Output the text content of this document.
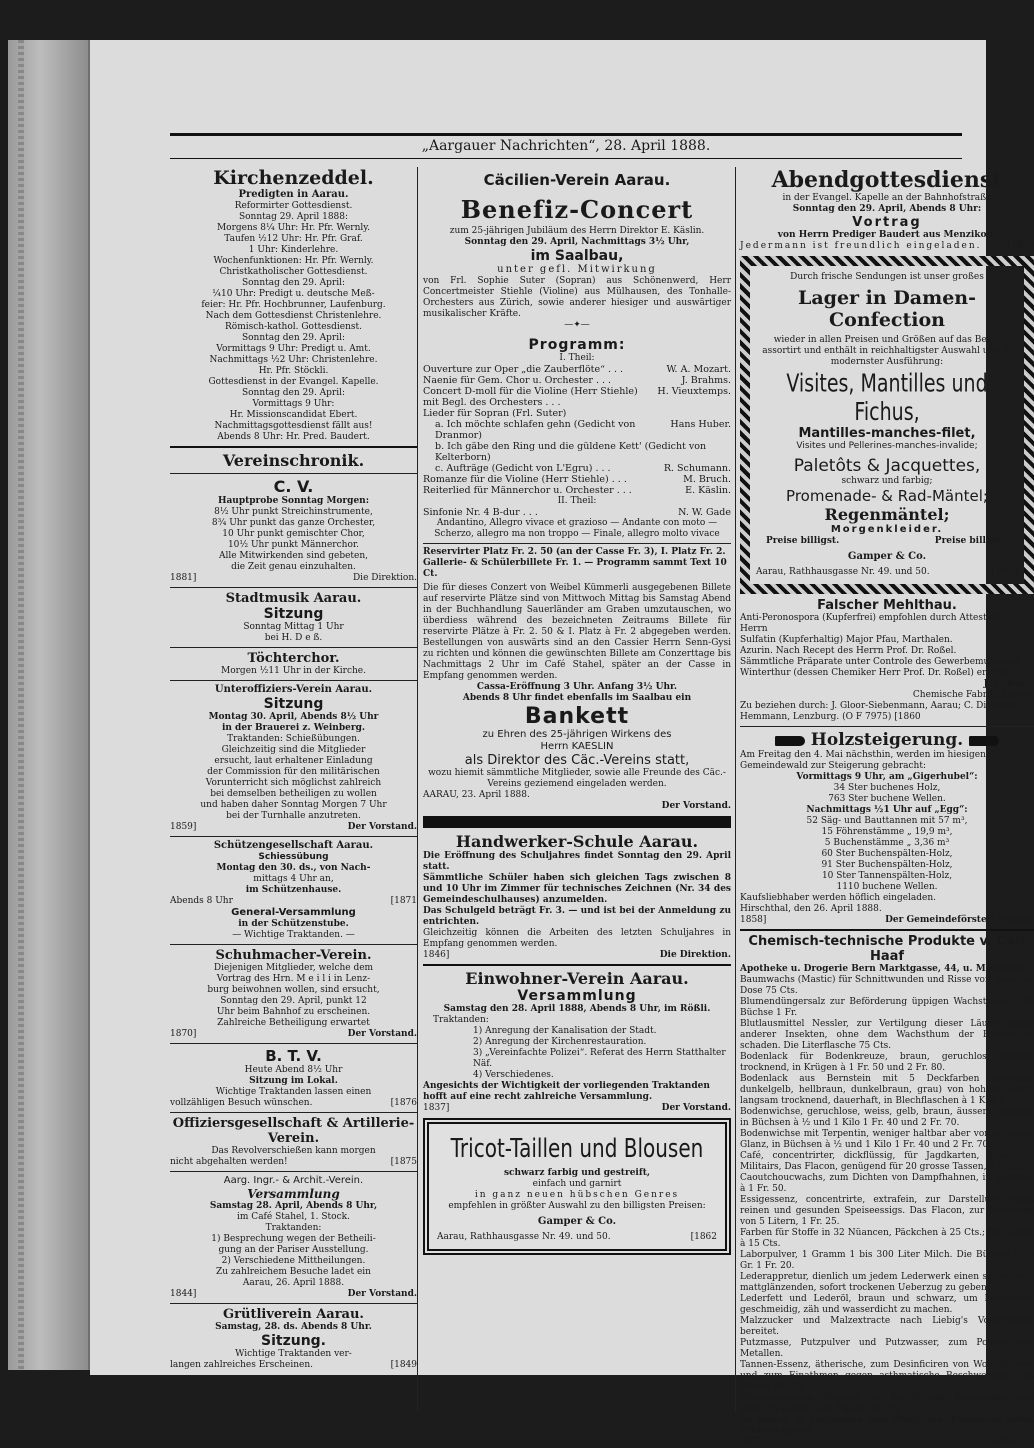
„Aargauer Nachrichten“, 28. April 1888.
Kirchenzeddel.
Predigten in Aarau.
Reformirter Gottesdienst.
Sonntag 29. April 1888:
Morgens 8¼ Uhr: Hr. Pfr. Wernly.
Taufen ½12 Uhr: Hr. Pfr. Graf.
1 Uhr: Kinderlehre.
Wochenfunktionen: Hr. Pfr. Wernly.
Christkatholischer Gottesdienst.
Sonntag den 29. April:
¼10 Uhr: Predigt u. deutsche Meß-
feier: Hr. Pfr. Hochbrunner, Laufenburg.
Nach dem Gottesdienst Christenlehre.
Römisch-kathol. Gottesdienst.
Sonntag den 29. April:
Vormittags 9 Uhr: Predigt u. Amt.
Nachmittags ½2 Uhr: Christenlehre.
Hr. Pfr. Stöckli.
Gottesdienst in der Evangel. Kapelle.
Sonntag den 29. April:
Vormittags 9 Uhr:
Hr. Missionscandidat Ebert.
Nachmittagsgottesdienst fällt aus!
Abends 8 Uhr: Hr. Pred. Baudert.
Vereinschronik.
C. V.
Hauptprobe Sonntag Morgen:
8½ Uhr punkt Streichinstrumente,
8¾ Uhr punkt das ganze Orchester,
10 Uhr punkt gemischter Chor,
10½ Uhr punkt Männerchor.
Alle Mitwirkenden sind gebeten,
die Zeit genau einzuhalten.
1881]	Die Direktion.
Stadtmusik Aarau.
Sitzung
Sonntag Mittag 1 Uhr
bei H. D e ß.
Töchterchor.
Morgen ½11 Uhr in der Kirche.
Unteroffiziers-Verein Aarau.
Sitzung
Montag 30. April, Abends 8½ Uhr
in der Brauerei z. Weinberg.
Traktanden: Schießübungen.
Gleichzeitig sind die Mitglieder
ersucht, laut erhaltener Einladung
der Commission für den militärischen
Vorunterricht sich möglichst zahlreich
bei demselben betheiligen zu wollen
und haben daher Sonntag Morgen 7 Uhr
bei der Turnhalle anzutreten.
1859]	Der Vorstand.
Schützengesellschaft Aarau.
Schiessübung
Montag den 30. ds., von Nach-
mittags 4 Uhr an,
im Schützenhause.
Abends 8 Uhr	[1871
General-Versammlung
in der Schützenstube.
— Wichtige Traktanden. —
Schuhmacher-Verein.
Diejenigen Mitglieder, welche dem
Vortrag des Hrn. M e i l i in Lenz-
burg beiwohnen wollen, sind ersucht,
Sonntag den 29. April, punkt 12
Uhr beim Bahnhof zu erscheinen.
Zahlreiche Betheiligung erwartet
1870]	Der Vorstand.
B. T. V.
Heute Abend 8½ Uhr
Sitzung im Lokal.
Wichtige Traktanden lassen einen
vollzähligen Besuch wünschen.	[1876
Offiziersgesellschaft & Artillerie-Verein.
Das Revolverschießen kann morgen
nicht abgehalten werden!	[1875
Aarg. Ingr.- & Archit.-Verein.
Versammlung
Samstag 28. April, Abends 8 Uhr,
im Café Stahel, 1. Stock.
Traktanden:
1) Besprechung wegen der Betheili-
gung an der Pariser Ausstellung.
2) Verschiedene Mittheilungen.
Zu zahlreichem Besuche ladet ein
Aarau, 26. April 1888.
1844]	Der Vorstand.
Grütliverein Aarau.
Samstag, 28. ds. Abends 8 Uhr.
Sitzung.
Wichtige Traktanden ver-
langen zahlreiches Erscheinen.	[1849
Cäcilien-Verein Aarau.
Benefiz-Concert
zum 25-jährigen Jubiläum des Herrn Direktor E. Käslin.
Sonntag den 29. April, Nachmittags 3½ Uhr,
im Saalbau,
unter gefl. Mitwirkung
von Frl. Sophie Suter (Sopran) aus Schönenwerd, Herr Concertmeister Stiehle (Violine) aus Mülhausen, des Tonhalle-Orchesters aus Zürich, sowie anderer hiesiger und auswärtiger musikalischer Kräfte.
—✦—
Programm:
I. Theil:
Ouverture zur Oper „die Zauberflöte“ . . .	W. A. Mozart.
Naenie für Gem. Chor u. Orchester . . .	J. Brahms.
Concert D-moll für die Violine (Herr Stiehle) mit Begl. des Orchesters . . .
H. Vieuxtemps.
Lieder für Sopran (Frl. Suter)
a. Ich möchte schlafen gehn (Gedicht von Dranmor)
Hans Huber.
b. Ich gäbe den Ring und die güldene Kett' (Gedicht von Kelterborn)
c. Aufträge (Gedicht von L'Egru) . . .	R. Schumann.
Romanze für die Violine (Herr Stiehle) . . .	M. Bruch.
Reiterlied für Männerchor u. Orchester . . .	E. Käslin.
II. Theil:
Sinfonie Nr. 4 B-dur . . .	N. W. Gade
Andantino, Allegro vivace et grazioso — Andante con moto — Scherzo, allegro ma non troppo — Finale, allegro molto vivace
Reservirter Platz Fr. 2. 50 (an der Casse Fr. 3), I. Platz Fr. 2. Gallerie- & Schülerbillete Fr. 1. — Programm sammt Text 10 Ct.
Die für dieses Conzert von Weibel Kümmerli ausgegebenen Billete auf reservirte Plätze sind von Mittwoch Mittag bis Samstag Abend in der Buchhandlung Sauerländer am Graben umzutauschen, wo überdiess während des bezeichneten Zeitraums Billete für reservirte Plätze à Fr. 2. 50 & I. Platz à Fr. 2 abgegeben werden. Bestellungen von auswärts sind an den Cassier Herrn Senn-Gysi zu richten und können die gewünschten Billete am Conzerttage bis Nachmittags 2 Uhr im Café Stahel, später an der Casse in Empfang genommen werden.
Cassa-Eröffnung 3 Uhr. Anfang 3½ Uhr.
Abends 8 Uhr findet ebenfalls im Saalbau ein
Bankett
zu Ehren des 25-jährigen Wirkens des
Herrn KAESLIN
als Direktor des Cäc.-Vereins statt,
wozu hiemit sämmtliche Mitglieder, sowie alle Freunde des Cäc.-Vereins geziemend eingeladen werden.
AARAU, 23. April 1888.
Der Vorstand.
Handwerker-Schule Aarau.
Die Eröffnung des Schuljahres findet Sonntag den 29. April statt.
Sämmtliche Schüler haben sich gleichen Tags zwischen 8 und 10 Uhr im Zimmer für technisches Zeichnen (Nr. 34 des Gemeindeschulhauses) anzumelden.
Das Schulgeld beträgt Fr. 3. — und ist bei der Anmeldung zu entrichten.
Gleichzeitig können die Arbeiten des letzten Schuljahres in Empfang genommen werden.
1846]	Die Direktion.
Einwohner-Verein Aarau.
Versammlung
Samstag den 28. April 1888, Abends 8 Uhr, im Rößli.
Traktanden:
1) Anregung der Kanalisation der Stadt.
2) Anregung der Kirchenrestauration.
3) „Vereinfachte Polizei“. Referat des Herrn Statthalter Näf.
4) Verschiedenes.
Angesichts der Wichtigkeit der vorliegenden Traktanden hofft auf eine recht zahlreiche Versammlung.
1837]	Der Vorstand.
Tricot-Taillen und Blousen
schwarz farbig und gestreift,
einfach und garnirt
in ganz neuen hübschen Genres
empfehlen in größter Auswahl zu den billigsten Preisen:
Gamper & Co.
Aarau, Rathhausgasse Nr. 49. und 50.	[1862
Abendgottesdienst
in der Evangel. Kapelle an der Bahnhofstraße
Sonntag den 29. April, Abends 8 Uhr:
Vortrag
von Herrn Prediger Baudert aus Menzikon.
Jedermann ist freundlich eingeladen.	[1859
Durch frische Sendungen ist unser großes
Lager in Damen-Confection
wieder in allen Preisen und Größen auf das Beste assortirt und enthält in reichhaltigster Auswahl und in modernster Ausführung:
Visites, Mantilles und Fichus,
Mantilles-manches-filet,
Visites und Pellerines-manches-invalide;
Paletôts & Jacquettes,
schwarz und farbig;
Promenade- & Rad-Mäntel;
Regenmäntel;
Morgenkleider.
Preise billigst.	Preise billigst.
Gamper & Co.
Aarau, Rathhausgasse Nr. 49. und 50.	[1863
Falscher Mehlthau.
Anti-Peronospora (Kupferfrei) empfohlen durch Attest des Herrn
Sulfatin (Kupferhaltig) Major Pfau, Marthalen.
Azurin. Nach Recept des Herrn Prof. Dr. Roßel.
Sämmtliche Präparate unter Controle des Gewerbemuseums Winterthur (dessen Chemiker Herr Prof. Dr. Roßel) erstellt.
J. C. Kuhl,
Chemische Fabrik, Zürich.
Zu beziehen durch: J. Gloor-Siebenmann, Aarau; C. Dietschy-Hemmann, Lenzburg. (O F 7975) [1860
Holzsteigerung.
Am Freitag den 4. Mai nächsthin, werden im hiesigen Gemeindewald zur Steigerung gebracht:
Vormittags 9 Uhr, am „Gigerhubel“:
34 Ster buchenes Holz,
763 Ster buchene Wellen.
Nachmittags ½1 Uhr auf „Egg“:
52 Säg- und Bauttannen mit 57 m³,
15 Föhrenstämme „ 19,9 m³,
5 Buchenstämme „ 3,36 m³
60 Ster Buchenspälten-Holz,
91 Ster Buchenspälten-Holz,
10 Ster Tannenspälten-Holz,
1110 buchene Wellen.
Kaufsliebhaber werden höflich eingeladen.
Hirschthal, den 26. April 1888.
1858]	Der Gemeindeförster: Müller.
Chemisch-technische Produkte v. Carl Haaf
Apotheke u. Drogerie Bern Marktgasse, 44, u. Monbijou.
Baumwachs (Mastic) für Schnittwunden und Risse von Bäumen. Dose 75 Cts.
Blumendüngersalz zur Beförderung üppigen Wachsthums. Die Büchse 1 Fr.
Blutlausmittel Nessler, zur Vertilgung dieser Läuse, sowie anderer Insekten, ohne dem Wachsthum der Bäume zu schaden. Die Literflasche 75 Cts.
Bodenlack für Bodenkreuze, braun, geruchlos, schnell trocknend, in Krügen à 1 Fr. 50 und 2 Fr. 80.
Bodenlack aus Bernstein mit 5 Deckfarben (hellgelb, dunkelgelb, hellbraun, dunkelbraun, grau) von hohem Glanz, langsam trocknend, dauerhaft, in Blechflaschen à 1 Kilo 3 Fr.
Bodenwichse, geruchlose, weiss, gelb, braun, äusserst haltbar, in Büchsen à ½ und 1 Kilo 1 Fr. 40 und 2 Fr. 70.
Bodenwichse mit Terpentin, weniger haltbar aber von schönem Glanz, in Büchsen à ½ und 1 Kilo 1 Fr. 40 und 2 Fr. 70.
Café, concentrirter, dickflüssig, für Jagdkarten, Touristen, Militairs, Das Flacon, genügend für 20 grosse Tassen, 1 Fr. 20.
Caoutchoucwachs, zum Dichten von Dampfhahnen, in Büchsen à 1 Fr. 50.
Essigessenz, concentrirte, extrafein, zur Darstellung eines reinen und gesunden Speiseessigs. Das Flacon, zur Bereitung von 5 Litern, 1 Fr. 25.
Farben für Stoffe in 32 Nüancen, Päckchen à 25 Cts.; für Tinten à 15 Cts.
Laborpulver, 1 Gramm 1 bis 300 Liter Milch. Die Büchse à 10 Gr. 1 Fr. 20.
Lederappretur, dienlich um jedem Lederwerk einen schwarzen, mattglänzenden, sofort trockenen Ueberzug zu geben.
Lederfett und Lederöl, braun und schwarz, um Lederwerk geschmeidig, zäh und wasserdicht zu machen.
Malzzucker und Malzextracte nach Liebig's Vorschriften bereitet.
Putzmasse, Putzpulver und Putzwasser, zum Poliren von Metallen.
Tannen-Essenz, ätherische, zum Desinficiren von Wohnräumen und zum Einathmen gegen asthmatische Beschwerden. Das Flacon 80 Cts.
Wascheappretur, flüssige, um der Wäsche Biegsamkeit und Glanz zu geben. Das Flacon 75 Cts.
Zu haben in Apotheken und Drogerien. Prospecte nebst Preisen gratis.
[917	(H1645 L)
